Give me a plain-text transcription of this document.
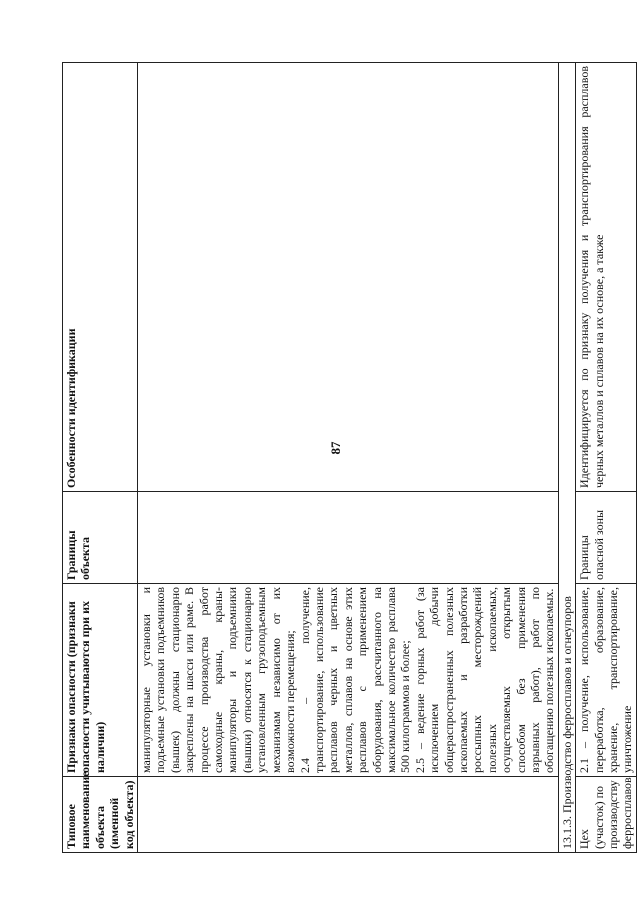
87
Типовое наименование объекта (именной код объекта)	Признаки опасности (признаки опасности учитываются при их наличии)	Границы объекта	Особенности идентификации

	манипуляторные установки и подъемные установки подъемников (вышек) должны стационарно закреплены на шасси или раме. В процессе производства работ самоходные краны, краны-манипуляторы и подъемники (вышки) относятся к стационарно установленным грузоподъемным механизмам независимо от их возможности перемещения; 2.4 – получение, транспортирование, использование расплавов черных и цветных металлов, сплавов на основе этих расплавов с применением оборудования, рассчитанного на максимальное количество расплава 500 килограммов и более; 2.5 – ведение горных работ (за исключением добычи общераспространенных полезных ископаемых и разработки россыпных месторождений полезных ископаемых, осуществляемых открытым способом без применения взрывных работ), работ по обогащению полезных ископаемых.		

13.1.3. Производство ферросплавов и огнеупоров			
Цех (участок) по производству ферросплавов	2.1 – получение, использование, переработка, образование, хранение, транспортирование, уничтожение	Границы опасной зоны	Идентифицируется по признаку получения и транспортирования расплавов черных металлов и сплавов на их основе, а также
